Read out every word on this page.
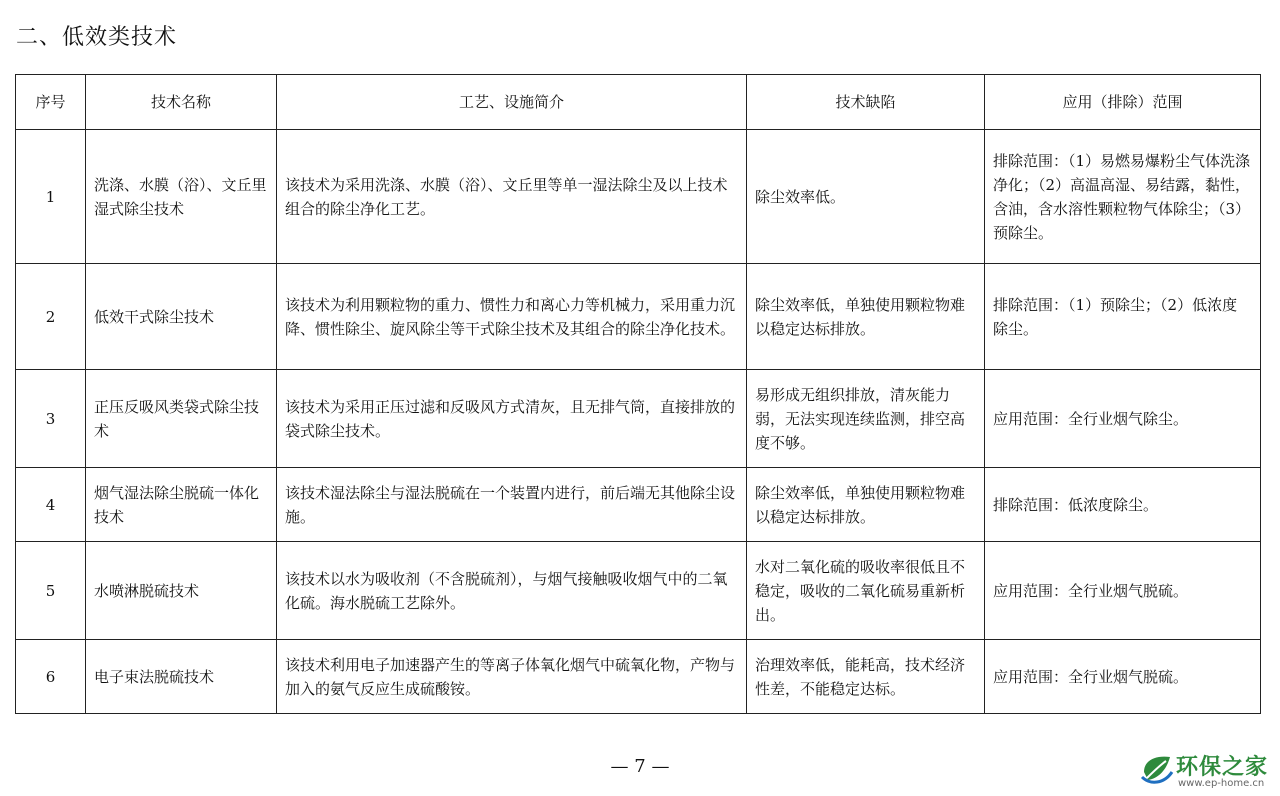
二、低效类技术
序号	技术名称	工艺、设施简介	技术缺陷	应用（排除）范围
1	洗涤、水膜（浴）、文丘里湿式除尘技术	该技术为采用洗涤、水膜（浴）、文丘里等单一湿法除尘及以上技术组合的除尘净化工艺。	除尘效率低。	排除范围：（1）易燃易爆粉尘气体洗涤净化；（2）高温高湿、易结露，黏性，含油，含水溶性颗粒物气体除尘；（3）预除尘。
2	低效干式除尘技术	该技术为利用颗粒物的重力、惯性力和离心力等机械力，采用重力沉降、惯性除尘、旋风除尘等干式除尘技术及其组合的除尘净化技术。	除尘效率低，单独使用颗粒物难以稳定达标排放。	排除范围：（1）预除尘；（2）低浓度除尘。
3	正压反吸风类袋式除尘技术	该技术为采用正压过滤和反吸风方式清灰，且无排气筒，直接排放的袋式除尘技术。	易形成无组织排放，清灰能力弱，无法实现连续监测，排空高度不够。	应用范围：全行业烟气除尘。
4	烟气湿法除尘脱硫一体化技术	该技术湿法除尘与湿法脱硫在一个装置内进行，前后端无其他除尘设施。	除尘效率低，单独使用颗粒物难以稳定达标排放。	排除范围：低浓度除尘。
5	水喷淋脱硫技术	该技术以水为吸收剂（不含脱硫剂），与烟气接触吸收烟气中的二氧化硫。海水脱硫工艺除外。	水对二氧化硫的吸收率很低且不稳定，吸收的二氧化硫易重新析出。	应用范围：全行业烟气脱硫。
6	电子束法脱硫技术	该技术利用电子加速器产生的等离子体氧化烟气中硫氧化物，产物与加入的氨气反应生成硫酸铵。	治理效率低，能耗高，技术经济性差，不能稳定达标。	应用范围：全行业烟气脱硫。
— 7 —	环保之家
www.ep-home.cn
